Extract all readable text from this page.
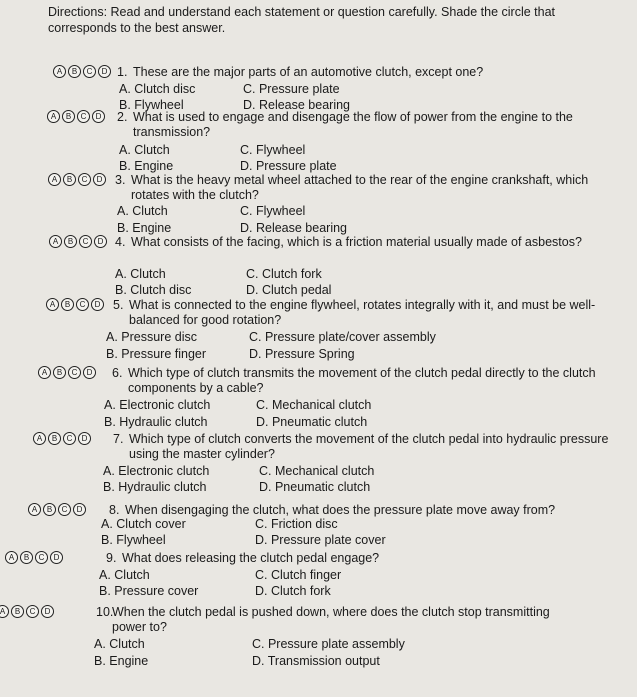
Directions: Read and understand each statement or question carefully. Shade the circle that corresponds to the best answer.
A	B	C	D 1. These are the major parts of an automotive clutch, except one?
A. Clutch disc	C. Pressure plate
B. Flywheel	D. Release bearing
A	B	C	D 2. What is used to engage and disengage the flow of power from the engine to the transmission?
A. Clutch	C. Flywheel
B. Engine	D. Pressure plate
A	B	C	D 3. What is the heavy metal wheel attached to the rear of the engine crankshaft, which rotates with the clutch?
A. Clutch	C. Flywheel
B. Engine	D. Release bearing
A	B	C	D 4. What consists of the facing, which is a friction material usually made of asbestos?
A. Clutch	C. Clutch fork
B. Clutch disc	D. Clutch pedal
A	B	C	D 5. What is connected to the engine flywheel, rotates integrally with it, and must be well-balanced for good rotation?
A. Pressure disc	C. Pressure plate/cover assembly
B. Pressure finger	D. Pressure Spring
A	B	C	D 6. Which type of clutch transmits the movement of the clutch pedal directly to the clutch components by a cable?
A. Electronic clutch	C. Mechanical clutch
B. Hydraulic clutch	D. Pneumatic clutch
A	B	C	D 7. Which type of clutch converts the movement of the clutch pedal into hydraulic pressure using the master cylinder?
A. Electronic clutch	C. Mechanical clutch
B. Hydraulic clutch	D. Pneumatic clutch
A	B	C	D 8. When disengaging the clutch, what does the pressure plate move away from?
A. Clutch cover	C. Friction disc
B. Flywheel	D. Pressure plate cover
A	B	C	D	9. What does releasing the clutch pedal engage?
A. Clutch	C. Clutch finger
B. Pressure cover	D. Clutch fork
A	B	C	D	10.
When the clutch pedal is pushed down, where does the clutch stop transmitting power to?
A. Clutch	C. Pressure plate assembly
B. Engine	D. Transmission output
